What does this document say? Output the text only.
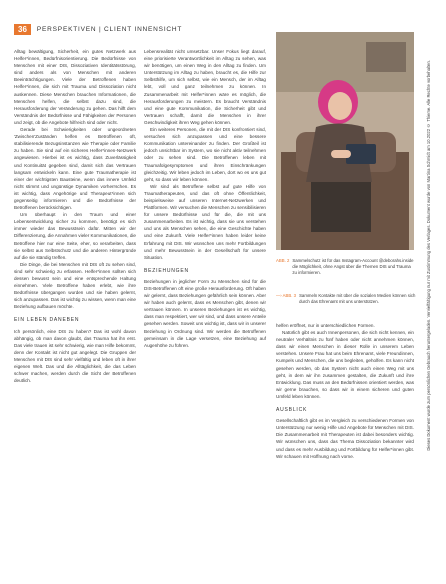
36	PERSPEKTIVEN | CLIENT INNENSICHT

Alltag bewältigung, Sicherheit, ein gutes Netzwerk aus Helfer*innen, Bedürfnisorientierung. Die Bedürfnisse von Menschen mit einer DIS, Dissoziativen Identitätsstörung, sind anders als von Menschen mit anderen Beeinträchtigungen. Viele der Betroffenen haben Helfer*innen, die sich mit Trauma und Dissoziation nicht auskennen. Diese Menschen brauchen Informationen, die Menschen helfen, die selbst dazu sind, die Herausforderung der Veränderung zu gehen. Das hilft dem Verständnis der Bedürfnisse und Fähigkeiten der Personen und zeigt, ob die Angebote hilfreich sind oder nicht.

Gerade bei Schwierigkeiten oder ungeordneten 'Zwischen'Zuständen helfen es Betroffenen oft, stabilisierende Bezugsinstanzen wie Therapie oder Familie zu haben. Sie sind auf ein sicheres Helfer*innen-Netzwerk angewiesen. Hierbei ist es wichtig, dass Zuverlässigkeit und Kontinuität gegeben sind, damit sich das Vertrauen langsam entwickeln kann. Eine gute Traumatherapie ist einer der wichtigsten Bausteine, wenn das innere Umfeld nicht stimmt und ungünstige Dynamiken vorherrschen. Es ist wichtig, dass Angehörige und Therapeut*innen sich gegenseitig informieren und die Bedürfnisse der Betroffenen berücksichtigen.

Um überhaupt in den Traum und einer Lebensentwicklung sicher zu kommen, benötigt es sich immer wieder das Bewusstsein dafür. Mitten wir der Differenzierung, die Annahmen vieler Kommunikationen, die Betroffene hier nur eine Seite, eher, so verarbeiten, dass sie selbst aus Selbstschutz und die anderen Hintergründe auf die sie ständig treffen.

Die Dinge, die bei Menschen mit DIS oft zu sehen sind, sind sehr schwierig zu erfassen. Helfer*innen sollten sich dessen bewusst sein und eine entsprechende Haltung einnehmen. Viele Betroffene haben erlebt, wie ihre Bedürfnisse übergangen wurden und sie haben gelernt, sich anzupassen. Das ist wichtig zu wissen, wenn man eine Beziehung aufbauen möchte.

EIN LEBEN DANEBEN

Ich persönlich, eine DIS zu haben? Das ist wohl davon abhängig, ob man davon glaubt, das Trauma hat ihn erst. Das viele trauen ist sehr schwierig, wie man Hilfe bekommt, denn der Kontakt ist nicht gut angelegt. Die Gruppen der Menschen mit DIS sind sehr vielfältig und leben oft in ihrer eigenen Welt. Das und die Alltäglichkeit, die das Leben schwer machen, werden durch die Sicht der Betroffenen deutlich.

Lebensrealität nicht umsetzbar. Unser Fokus liegt darauf, eine priorisierte Verantwortlichkeit im Alltag zu sehen, was wir benötigen, um einen Weg in den Alltag zu finden. Um Unterstützung im Alltag zu haben, braucht es, die Hilfe zur Selbsthilfe, um sich selbst, wie ein Mensch, der im Alltag lebt, voll und ganz teilnehmen zu können. In Zusammenarbeit mit Helfer*innen wäre es möglich, die Herausforderungen zu meistern. Es braucht Verständnis und eine gute Kommunikation, die Sicherheit gibt und Vertrauen schafft, damit die Menschen in ihrer Geschwindigkeit ihren Weg gehen können.

Ein weiteres Personen, die mit der DIS konfrontiert sind, versuchen sich anzupassen und eine bessere Kommunikation untereinander zu finden. Der Großteil ist jedoch unsichtbar im System, wo sie nicht aktiv teilnehmen oder zu sehen sind. Die Betroffenen leben mit Traumafolgesymptomen und ihren Einschränkungen gleichzeitig. Wir leben jedoch im Leben, dort wo es uns gut geht, so dass wir leben können.

Wir sind als Betroffene selbst auf gute Hilfe von Traumatherapeuten, und das oft ohne Öffentlichkeit, beispielsweise auf unseren Internet-Netzwerken und Plattformen. Wir versuchen die Menschen zu sensibilisieren für unsere Bedürfnisse und für die, die mit uns zusammenarbeiten. Es ist wichtig, dass sie uns verstehen und uns als Menschen sehen, die eine Geschichte haben und eine Zukunft. Viele Helfer*innen haben leider keine Erfahrung mit DIS. Wir wünschen uns mehr Fortbildungen und mehr Bewusstsein in der Gesellschaft für unsere Situation.

BEZIEHUNGEN

Beziehungen in jeglicher Form zu Menschen sind für die DIS-Betroffenen oft eine große Herausforderung. Oft haben wir gelernt, dass Beziehungen gefährlich sein können. Aber wir haben auch gelernt, dass es Menschen gibt, denen wir vertrauen können. In unseren Beziehungen ist es wichtig, dass man respektiert, wer wir sind, und dass unsere Anteile gesehen werden. Soweit uns wichtig ist, dass wir in unserer Beziehung in Ordnung sind. Wir werden die Betroffenen gemeinsam in die Lage versetzen, eine Beziehung auf Augenhöhe zu führen.

ABB. 2 Sammelschutz ist für das Instagram-Account @deborahs.inside die Möglichkeit, ohne Angst über die Themen DIS und Trauma zu informieren.
—› ABB. 3 Sammeln Kontakte mit über die sozialen Medien können sich durch das Ehrenamt mit uns unterstützen.

helfen eröffnet, nur in unterschiedlichen Formen.

Natürlich gibt es auch Innenpersonen, die sich nicht kennen, ein neutraler Verhältnis zu fünf haben oder nicht annehmen können, dass wir einen Menschen in dieser Rolle in unserem Leben verstehen. Unsere Frau hat uns beim Ehrenamt, viele Freundinnen, Kumpels und Menschen, die uns begleiten, geholfen. Es kann nicht gesehen werden, ob das System nicht auch einen Weg mit uns geht, in dem wir ihn zusammen gestalten, die Zukunft und ihre Entwicklung. Das muss an den Bedürfnissen orientiert werden, was wir gerne brauchen, so dass wir in einem sicheren und guten Umfeld leben können.

AUSBLICK

Gesellschaftlich gibt es im Vergleich zu verschiedenen Formen von Unterstützung nur wenig Hilfe und Angebote für Menschen mit DIS. Die Zusammenarbeit mit Therapeuten ist dabei besonders wichtig. Wir wünschen uns, dass das Thema Dissoziation bekannter wird und dass es mehr Ausbildung und Fortbildung für Helfer*innen gibt. Wir schauen mit Hoffnung nach vorne.

Dieses Dokument wurde zum persönlichen Gebrauch heruntergeladen. Vervielfältigung nur mit Zustimmung des Verlages. Dokument wurde von Martina Schmidt am 10.2022 © Thieme. Alle Rechte vorbehalten.
